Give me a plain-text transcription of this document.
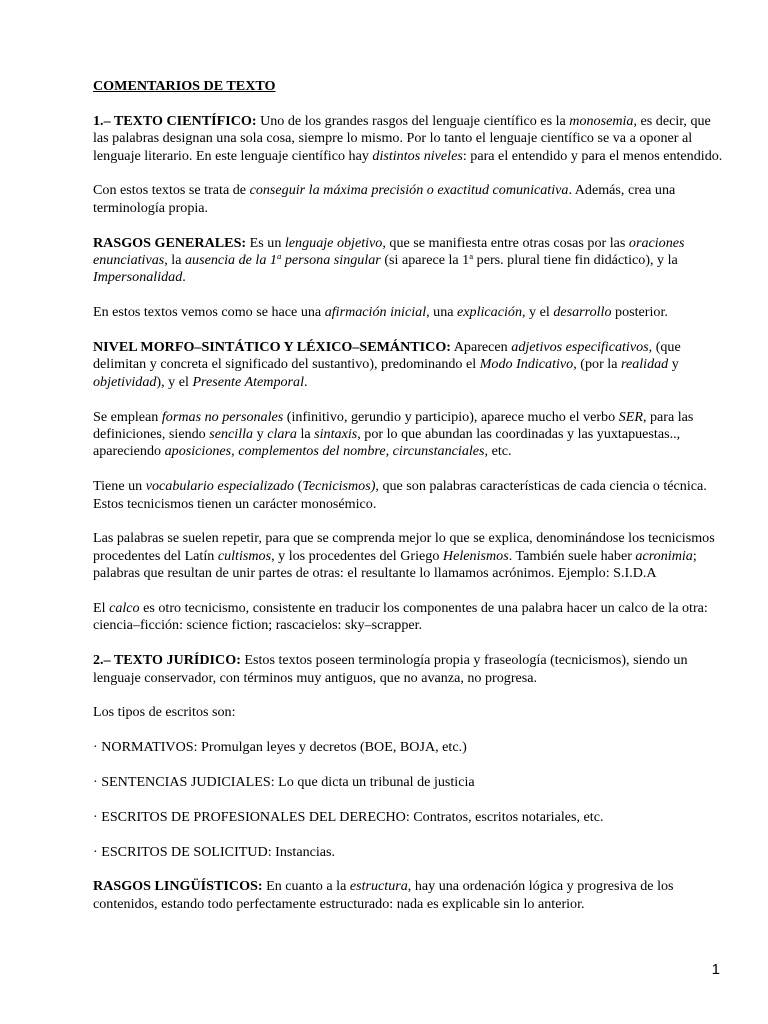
COMENTARIOS DE TEXTO

1.– TEXTO CIENTÍFICO: Uno de los grandes rasgos del lenguaje científico es la monosemia, es decir, que las palabras designan una sola cosa, siempre lo mismo. Por lo tanto el lenguaje científico se va a oponer al lenguaje literario. En este lenguaje científico hay distintos niveles: para el entendido y para el menos entendido.

Con estos textos se trata de conseguir la máxima precisión o exactitud comunicativa. Además, crea una terminología propia.

RASGOS GENERALES: Es un lenguaje objetivo, que se manifiesta entre otras cosas por las oraciones enunciativas, la ausencia de la 1$^a$ persona singular (si aparece la 1$^a$ pers. plural tiene fin didáctico), y la Impersonalidad.

En estos textos vemos como se hace una afirmación inicial, una explicación, y el desarrollo posterior.

NIVEL MORFO–SINTÁTICO Y LÉXICO–SEMÁNTICO: Aparecen adjetivos especificativos, (que delimitan y concreta el significado del sustantivo), predominando el Modo Indicativo, (por la realidad y objetividad), y el Presente Atemporal.

Se emplean formas no personales (infinitivo, gerundio y participio), aparece mucho el verbo SER, para las definiciones, siendo sencilla y clara la sintaxis, por lo que abundan las coordinadas y las yuxtapuestas.., apareciendo aposiciones, complementos del nombre, circunstanciales, etc.

Tiene un vocabulario especializado (Tecnicismos), que son palabras características de cada ciencia o técnica. Estos tecnicismos tienen un carácter monosémico.

Las palabras se suelen repetir, para que se comprenda mejor lo que se explica, denominándose los tecnicismos procedentes del Latín cultismos, y los procedentes del Griego Helenismos. También suele haber acronimia; palabras que resultan de unir partes de otras: el resultante lo llamamos acrónimos. Ejemplo: S.I.D.A

El calco es otro tecnicismo, consistente en traducir los componentes de una palabra hacer un calco de la otra: ciencia–ficción: science fiction; rascacielos: sky–scrapper.

2.– TEXTO JURÍDICO: Estos textos poseen terminología propia y fraseología (tecnicismos), siendo un lenguaje conservador, con términos muy antiguos, que no avanza, no progresa.

Los tipos de escritos son:

· NORMATIVOS: Promulgan leyes y decretos (BOE, BOJA, etc.)

· SENTENCIAS JUDICIALES: Lo que dicta un tribunal de justicia

· ESCRITOS DE PROFESIONALES DEL DERECHO: Contratos, escritos notariales, etc.

· ESCRITOS DE SOLICITUD: Instancias.

RASGOS LINGÜÍSTICOS: En cuanto a la estructura, hay una ordenación lógica y progresiva de los contenidos, estando todo perfectamente estructurado: nada es explicable sin lo anterior.

1
